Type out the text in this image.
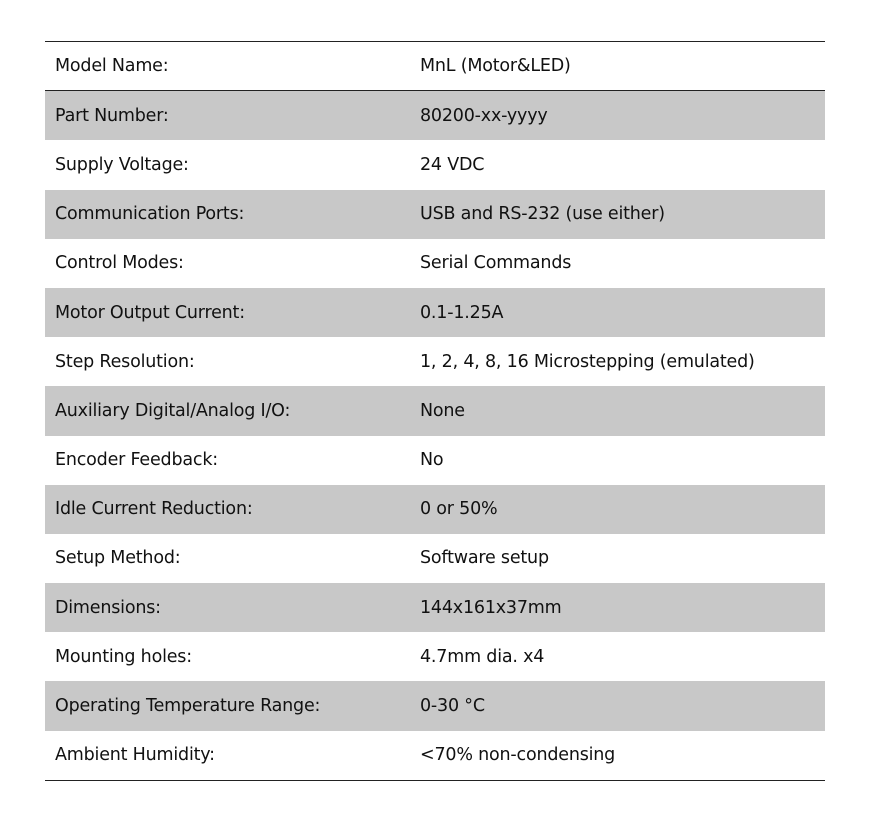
Model Name:	MnL (Motor&LED)
Part Number:	80200-xx-yyyy
Supply Voltage:	24 VDC
Communication Ports:	USB and RS-232 (use either)
Control Modes:	Serial Commands
Motor Output Current:	0.1-1.25A
Step Resolution:	1, 2, 4, 8, 16 Microstepping (emulated)
Auxiliary Digital/Analog I/O:	None
Encoder Feedback:	No
Idle Current Reduction:	0 or 50%
Setup Method:	Software setup
Dimensions:	144x161x37mm
Mounting holes:	4.7mm dia. x4
Operating Temperature Range:	0-30 °C
Ambient Humidity:	<70% non-condensing
